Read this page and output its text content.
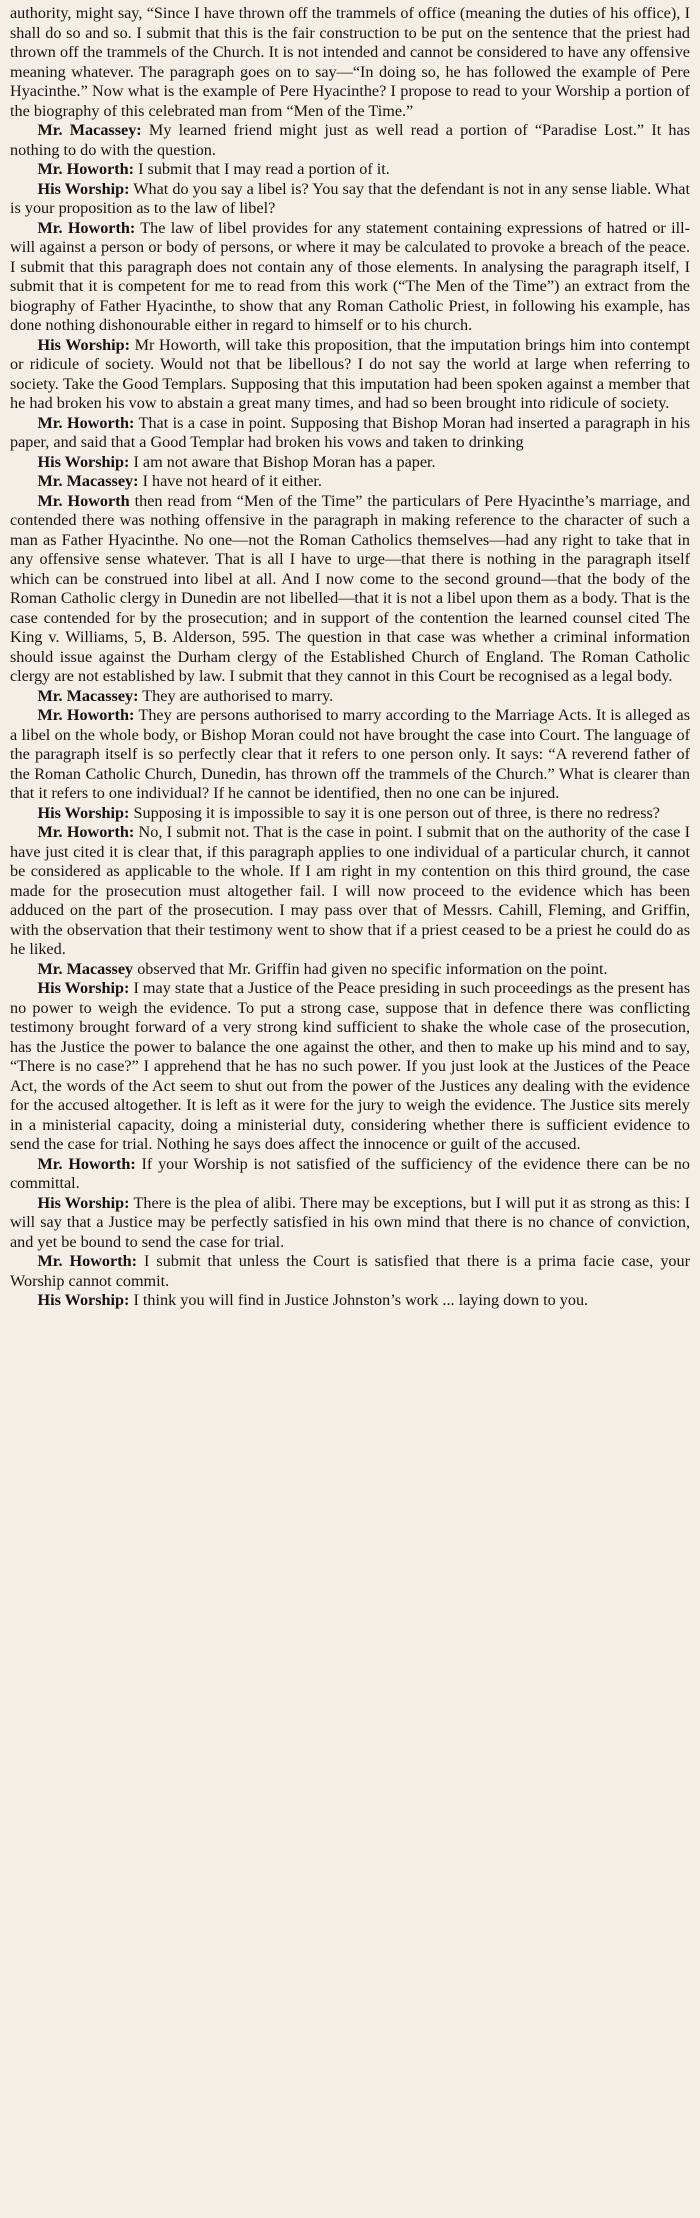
authority, might say, “Since I have thrown off the trammels of office (meaning the duties of his office), I shall do so and so. I submit that this is the fair construction to be put on the sentence that the priest had thrown off the trammels of the Church. It is not intended and cannot be considered to have any offensive meaning whatever. The paragraph goes on to say—“In doing so, he has followed the example of Pere Hyacinthe.” Now what is the example of Pere Hyacinthe? I propose to read to your Worship a portion of the biography of this celebrated man from “Men of the Time.”

Mr. Macassey: My learned friend might just as well read a portion of “Paradise Lost.” It has nothing to do with the question.

Mr. Howorth: I submit that I may read a portion of it.

His Worship: What do you say a libel is? You say that the defendant is not in any sense liable. What is your proposition as to the law of libel?

Mr. Howorth: The law of libel provides for any statement containing expressions of hatred or ill-will against a person or body of persons, or where it may be calculated to provoke a breach of the peace. I submit that this paragraph does not contain any of those elements. In analysing the paragraph itself, I submit that it is competent for me to read from this work (“The Men of the Time”) an extract from the biography of Father Hyacinthe, to show that any Roman Catholic Priest, in following his example, has done nothing dishonourable either in regard to himself or to his church.

His Worship: Mr Howorth, will take this proposition, that the imputation brings him into contempt or ridicule of society. Would not that be libellous? I do not say the world at large when referring to society. Take the Good Templars. Supposing that this imputation had been spoken against a member that he had broken his vow to abstain a great many times, and had so been brought into ridicule of society.

Mr. Howorth: That is a case in point. Supposing that Bishop Moran had inserted a paragraph in his paper, and said that a Good Templar had broken his vows and taken to drinking

His Worship: I am not aware that Bishop Moran has a paper.

Mr. Macassey: I have not heard of it either.

Mr. Howorth then read from “Men of the Time” the particulars of Pere Hyacinthe’s marriage, and contended there was nothing offensive in the paragraph in making reference to the character of such a man as Father Hyacinthe. No one—not the Roman Catholics themselves—had any right to take that in any offensive sense whatever. That is all I have to urge—that there is nothing in the paragraph itself which can be construed into libel at all. And I now come to the second ground—that the body of the Roman Catholic clergy in Dunedin are not libelled—that it is not a libel upon them as a body. That is the case contended for by the prosecution; and in support of the contention the learned counsel cited The King v. Williams, 5, B. Alderson, 595. The question in that case was whether a criminal information should issue against the Durham clergy of the Established Church of England. The Roman Catholic clergy are not established by law. I submit that they cannot in this Court be recognised as a legal body.

Mr. Macassey: They are authorised to marry.

Mr. Howorth: They are persons authorised to marry according to the Marriage Acts. It is alleged as a libel on the whole body, or Bishop Moran could not have brought the case into Court. The language of the paragraph itself is so perfectly clear that it refers to one person only. It says: “A reverend father of the Roman Catholic Church, Dunedin, has thrown off the trammels of the Church.” What is clearer than that it refers to one individual? If he cannot be identified, then no one can be injured.

His Worship: Supposing it is impossible to say it is one person out of three, is there no redress?

Mr. Howorth: No, I submit not. That is the case in point. I submit that on the authority of the case I have just cited it is clear that, if this paragraph applies to one individual of a particular church, it cannot be considered as applicable to the whole. If I am right in my contention on this third ground, the case made for the prosecution must altogether fail. I will now proceed to the evidence which has been adduced on the part of the prosecution. I may pass over that of Messrs. Cahill, Fleming, and Griffin, with the observation that their testimony went to show that if a priest ceased to be a priest he could do as he liked.

Mr. Macassey observed that Mr. Griffin had given no specific information on the point.

His Worship: I may state that a Justice of the Peace presiding in such proceedings as the present has no power to weigh the evidence. To put a strong case, suppose that in defence there was conflicting testimony brought forward of a very strong kind sufficient to shake the whole case of the prosecution, has the Justice the power to balance the one against the other, and then to make up his mind and to say, “There is no case?” I apprehend that he has no such power. If you just look at the Justices of the Peace Act, the words of the Act seem to shut out from the power of the Justices any dealing with the evidence for the accused altogether. It is left as it were for the jury to weigh the evidence. The Justice sits merely in a ministerial capacity, doing a ministerial duty, considering whether there is sufficient evidence to send the case for trial. Nothing he says does affect the innocence or guilt of the accused.

Mr. Howorth: If your Worship is not satisfied of the sufficiency of the evidence there can be no committal.

His Worship: There is the plea of alibi. There may be exceptions, but I will put it as strong as this: I will say that a Justice may be perfectly satisfied in his own mind that there is no chance of conviction, and yet be bound to send the case for trial.

Mr. Howorth: I submit that unless the Court is satisfied that there is a prima facie case, your Worship cannot commit.

His Worship: I think you will find in Justice Johnston’s work ... laying down to you.
